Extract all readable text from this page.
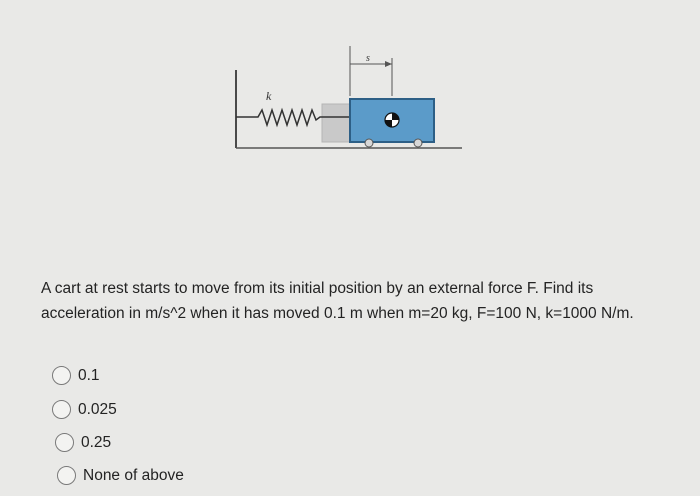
k
s
A cart at rest starts to move from its initial position by an external force F. Find its acceleration in m/s^2 when it has moved 0.1 m when m=20 kg, F=100 N, k=1000 N/m.
0.1
0.025
0.25
None of above
